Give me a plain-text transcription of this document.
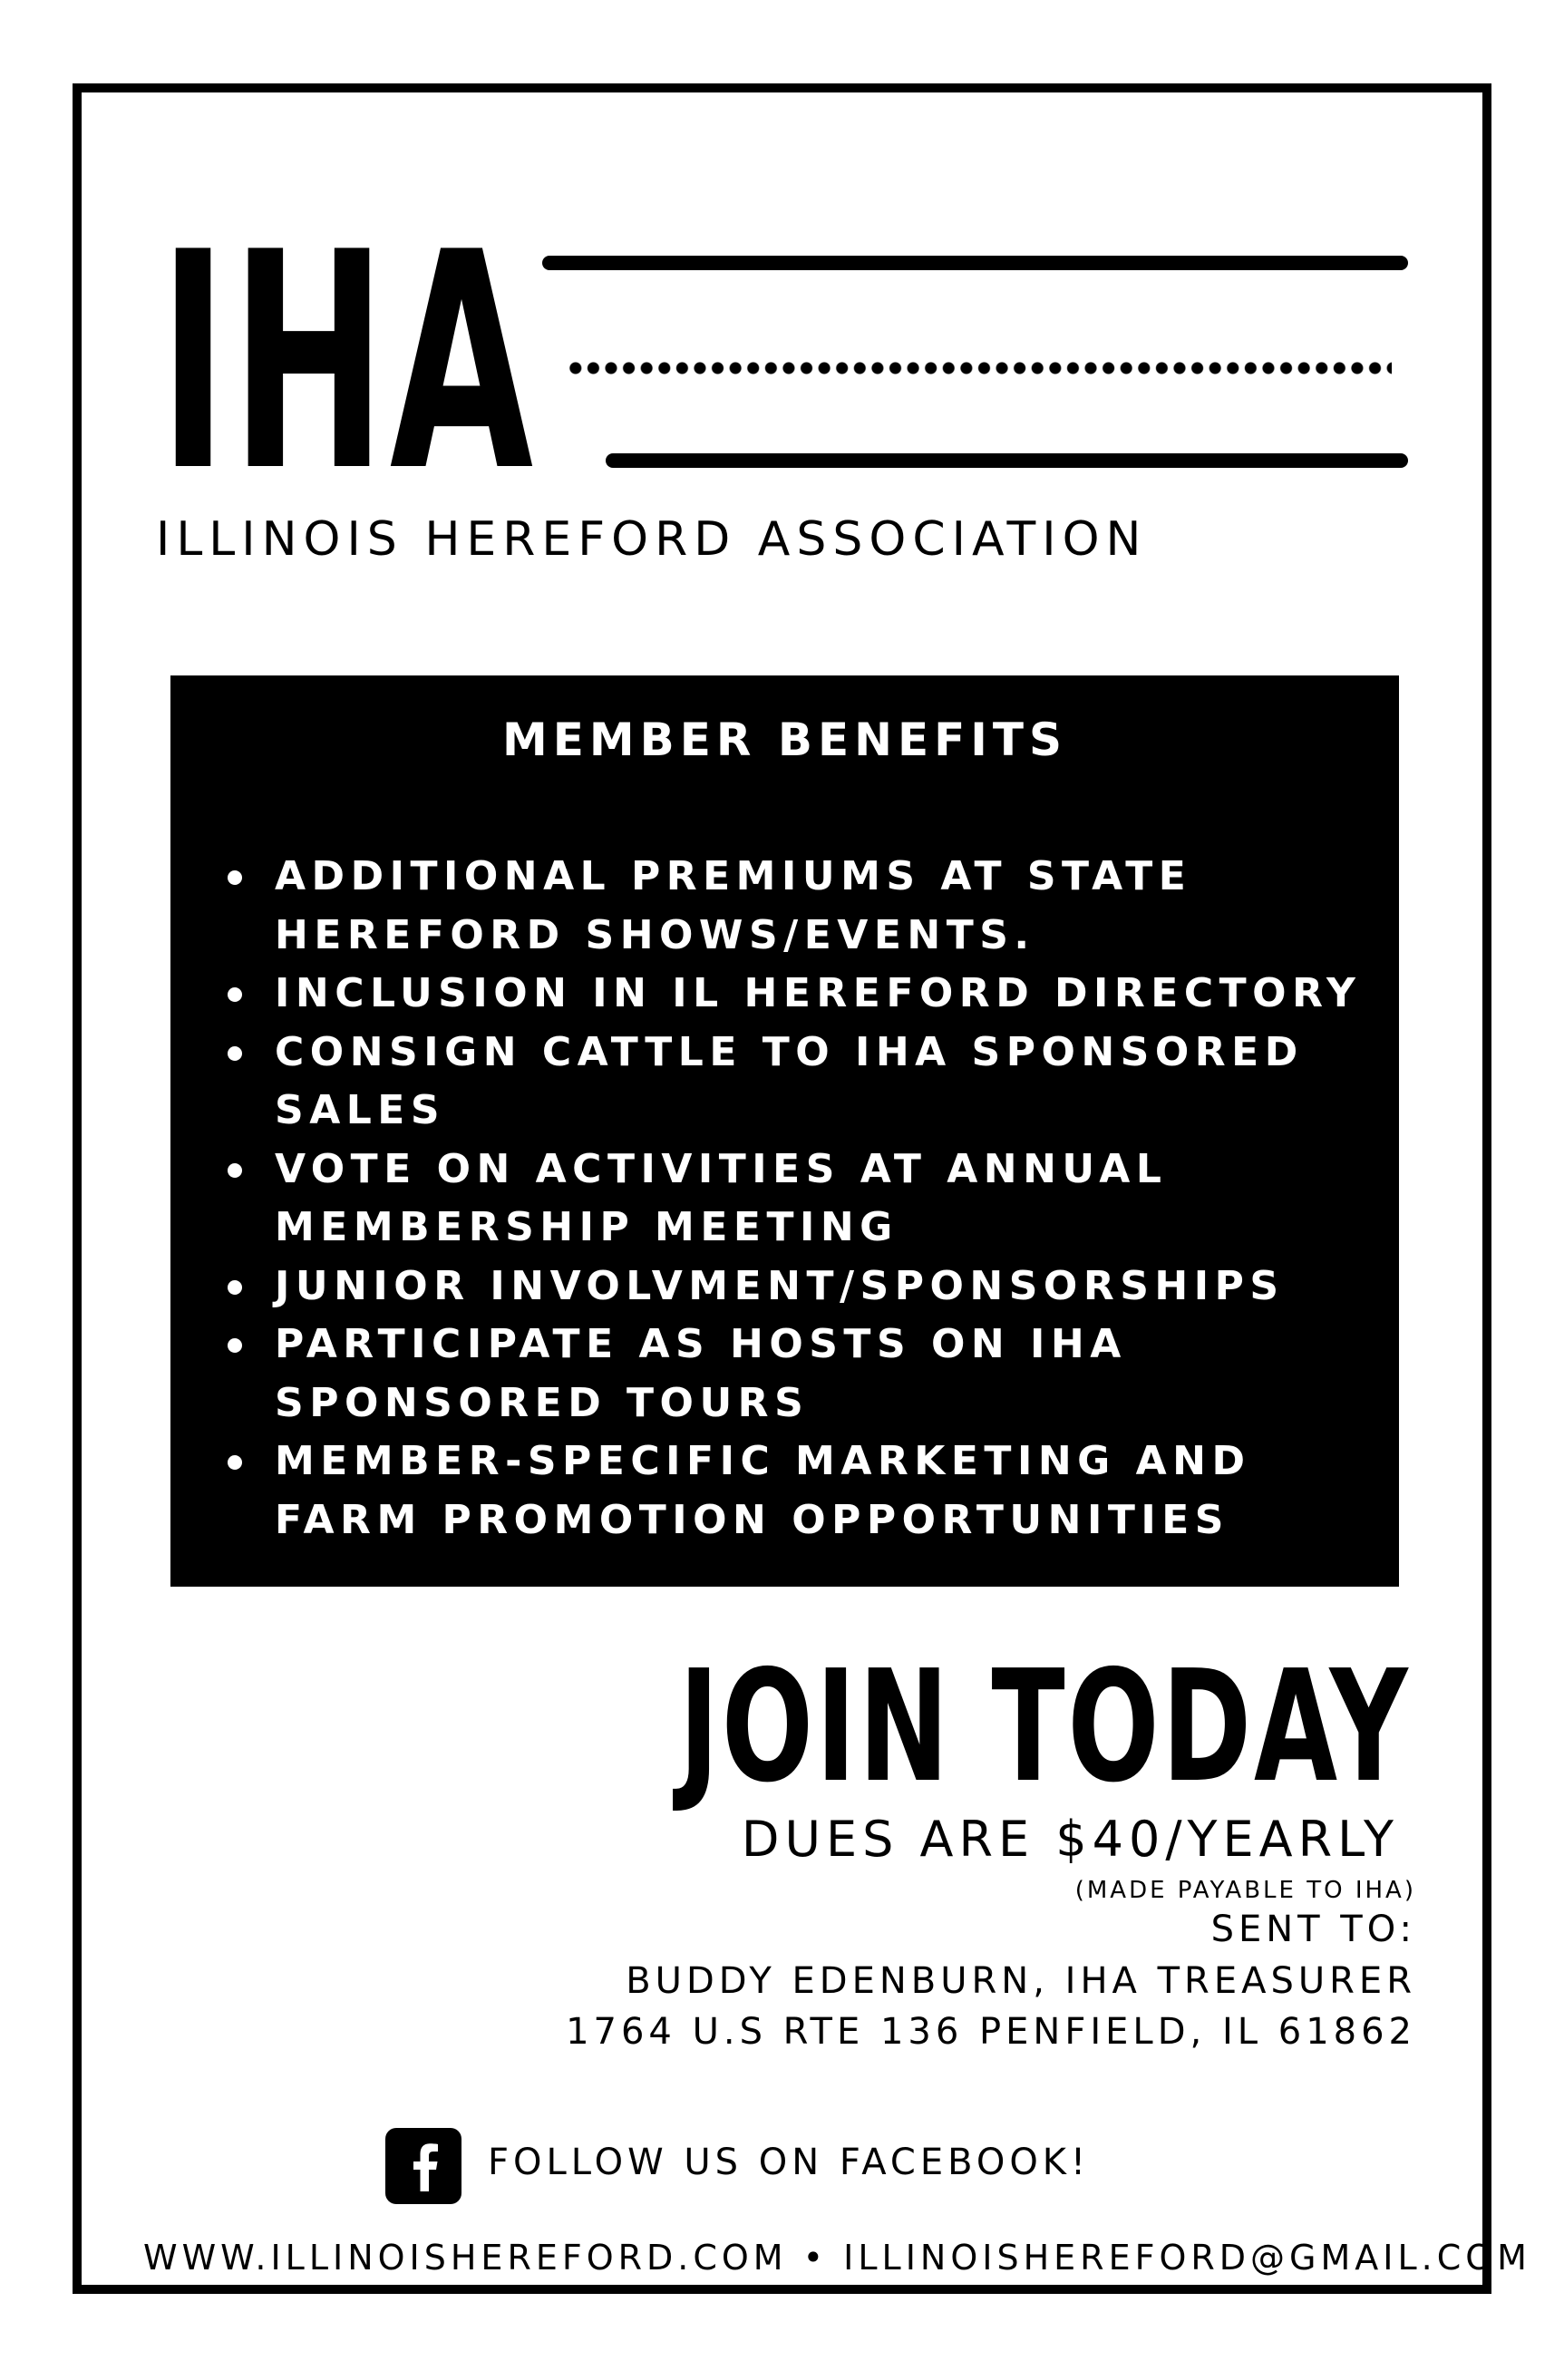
IHA
ILLINOIS HEREFORD ASSOCIATION
MEMBER BENEFITS
ADDITIONAL PREMIUMS AT STATE
HEREFORD SHOWS/EVENTS.
INCLUSION IN IL HEREFORD DIRECTORY
CONSIGN CATTLE TO IHA SPONSORED
SALES
VOTE ON ACTIVITIES AT ANNUAL
MEMBERSHIP MEETING
JUNIOR INVOLVMENT/SPONSORSHIPS
PARTICIPATE AS HOSTS ON IHA
SPONSORED TOURS
MEMBER-SPECIFIC MARKETING AND
FARM PROMOTION OPPORTUNITIES
JOIN TODAY
DUES ARE $40/YEARLY
(MADE PAYABLE TO IHA)
SENT TO:
BUDDY EDENBURN, IHA TREASURER
1764 U.S RTE 136 PENFIELD, IL 61862
FOLLOW US ON FACEBOOK!
WWW.ILLINOISHEREFORD.COM • ILLINOISHEREFORD@GMAIL.COM
